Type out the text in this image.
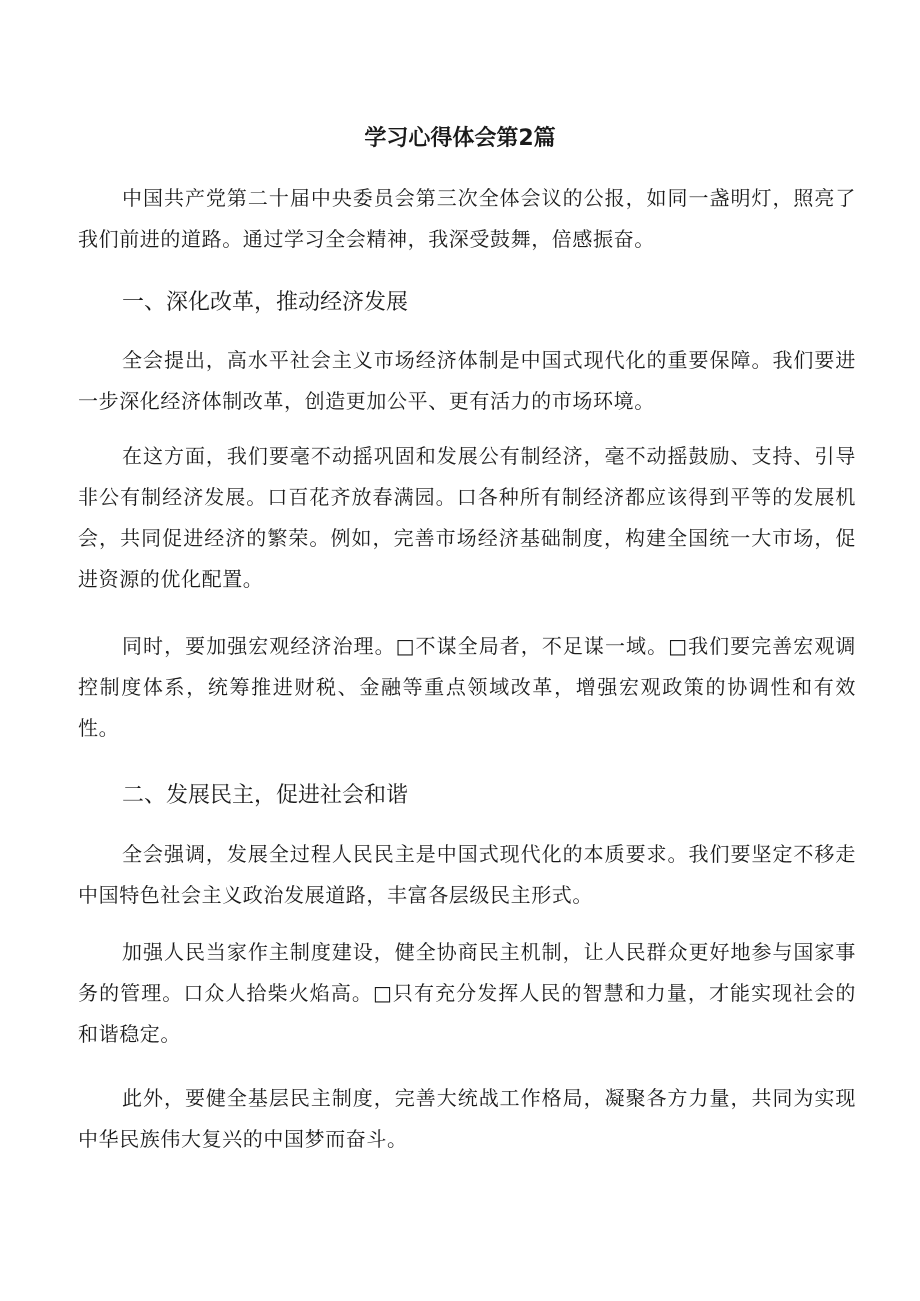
学习心得体会第2篇

中国共产党第二十届中央委员会第三次全体会议的公报，如同一盏明灯，照亮了我们前进的道路。通过学习全会精神，我深受鼓舞，倍感振奋。

一、深化改革，推动经济发展

全会提出，高水平社会主义市场经济体制是中国式现代化的重要保障。我们要进一步深化经济体制改革，创造更加公平、更有活力的市场环境。

在这方面，我们要毫不动摇巩固和发展公有制经济，毫不动摇鼓励、支持、引导非公有制经济发展。口百花齐放春满园。口各种所有制经济都应该得到平等的发展机会，共同促进经济的繁荣。例如，完善市场经济基础制度，构建全国统一大市场，促进资源的优化配置。

同时，要加强宏观经济治理。□不谋全局者，不足谋一域。□我们要完善宏观调控制度体系，统筹推进财税、金融等重点领域改革，增强宏观政策的协调性和有效性。

二、发展民主，促进社会和谐

全会强调，发展全过程人民民主是中国式现代化的本质要求。我们要坚定不移走中国特色社会主义政治发展道路，丰富各层级民主形式。

加强人民当家作主制度建设，健全协商民主机制，让人民群众更好地参与国家事务的管理。口众人拾柴火焰高。□只有充分发挥人民的智慧和力量，才能实现社会的和谐稳定。

此外，要健全基层民主制度，完善大统战工作格局，凝聚各方力量，共同为实现中华民族伟大复兴的中国梦而奋斗。
